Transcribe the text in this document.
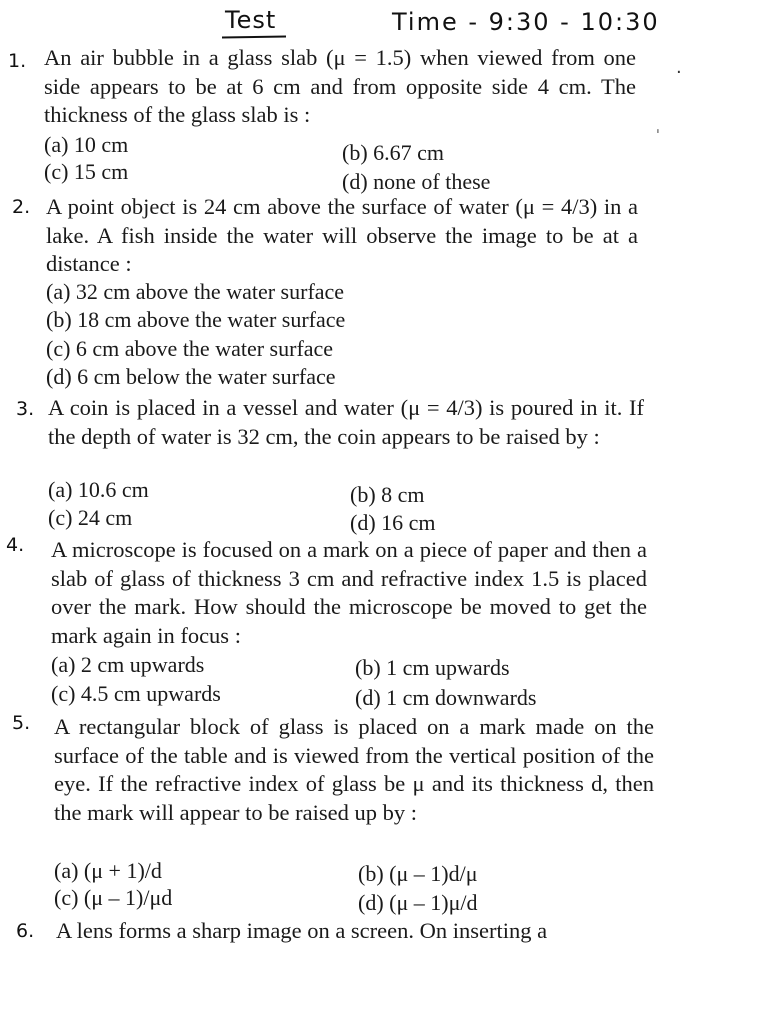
Test	Time - 9:30 - 10:30
1. An air bubble in a glass slab (μ = 1.5) when viewed from one side appears to be at 6 cm and from opposite side 4 cm. The thickness of the glass slab is :
(a) 10 cm	(b) 6.67 cm
(c) 15 cm	(d) none of these
2. A point object is 24 cm above the surface of water (μ = 4/3) in a lake. A fish inside the water will observe the image to be at a distance :
(a) 32 cm above the water surface
(b) 18 cm above the water surface
(c) 6 cm above the water surface
(d) 6 cm below the water surface
3. A coin is placed in a vessel and water (μ = 4/3) is poured in it. If the depth of water is 32 cm, the coin appears to be raised by :
(a) 10.6 cm	(b) 8 cm
(c) 24 cm	(d) 16 cm
4. A microscope is focused on a mark on a piece of paper and then a slab of glass of thickness 3 cm and refractive index 1.5 is placed over the mark. How should the microscope be moved to get the mark again in focus :
(a) 2 cm upwards	(b) 1 cm upwards
(c) 4.5 cm upwards	(d) 1 cm downwards
5. A rectangular block of glass is placed on a mark made on the surface of the table and is viewed from the vertical position of the eye. If the refractive index of glass be μ and its thickness d, then the mark will appear to be raised up by :
(a) (μ + 1)/d	(b) (μ – 1)d/μ
(c) (μ – 1)/μd	(d) (μ – 1)μ/d
6. A lens forms a sharp image on a screen. On inserting a
·
ˈ
